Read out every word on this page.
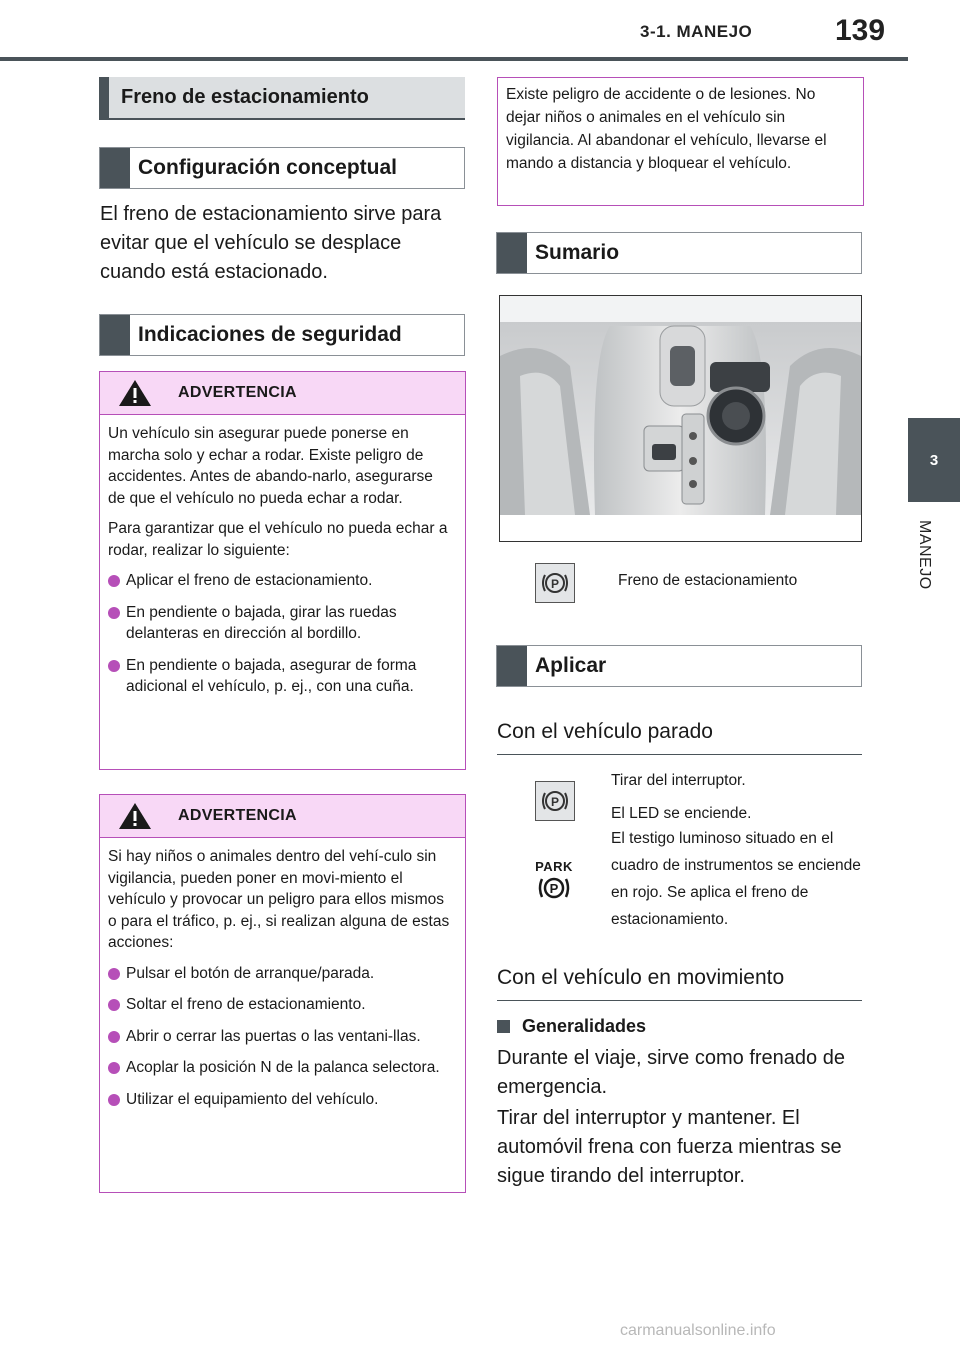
3-1. MANEJO	139
3
MANEJO
Freno de estacionamiento
Configuración conceptual
El freno de estacionamiento sirve para evitar que el vehículo se desplace cuando está estacionado.
Indicaciones de seguridad
ADVERTENCIA

Un vehículo sin asegurar puede ponerse en marcha solo y echar a rodar. Existe peligro de accidentes. Antes de abando-narlo, asegurarse de que el vehículo no pueda echar a rodar.

Para garantizar que el vehículo no pueda echar a rodar, realizar lo siguiente:

Aplicar el freno de estacionamiento.
En pendiente o bajada, girar las ruedas delanteras en dirección al bordillo.
En pendiente o bajada, asegurar de forma adicional el vehículo, p. ej., con una cuña.
ADVERTENCIA

Si hay niños o animales dentro del vehí-culo sin vigilancia, pueden poner en movi-miento el vehículo y provocar un peligro para ellos mismos o para el tráfico, p. ej., si realizan alguna de estas acciones:

Pulsar el botón de arranque/parada.
Soltar el freno de estacionamiento.
Abrir o cerrar las puertas o las ventani-llas.
Acoplar la posición N de la palanca selectora.
Utilizar el equipamiento del vehículo.
Existe peligro de accidente o de lesiones. No dejar niños o animales en el vehículo sin vigilancia. Al abandonar el vehículo, llevarse el mando a distancia y bloquear el vehículo.
Sumario
P	Freno de estacionamiento
Aplicar
Con el vehículo parado
P
Tirar del interruptor.
El LED se enciende.
PARK
P
El testigo luminoso situado en el cuadro de instrumentos se enciende en rojo. Se aplica el freno de estacionamiento.
Con el vehículo en movimiento
Generalidades
Durante el viaje, sirve como frenado de emergencia.
Tirar del interruptor y mantener. El automóvil frena con fuerza mientras se sigue tirando del interruptor.
carmanualsonline.info
